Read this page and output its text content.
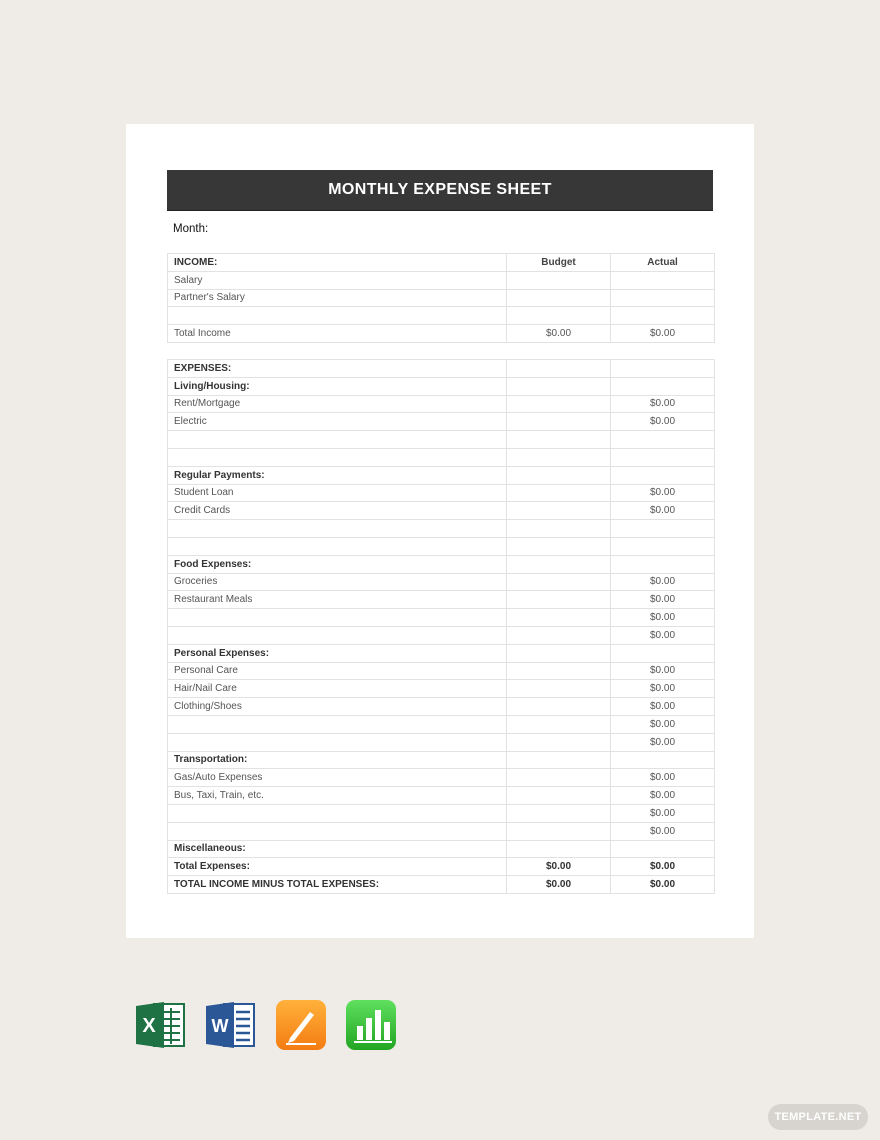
MONTHLY EXPENSE SHEET
Month:
INCOME:	Budget	Actual
Salary		
Partner's Salary		

Total Income	$0.00	$0.00
EXPENSES:		
Living/Housing:		
Rent/Mortgage		$0.00
Electric		$0.00

Regular Payments:		
Student Loan		$0.00
Credit Cards		$0.00

Food Expenses:		
Groceries		$0.00
Restaurant Meals		$0.00
		$0.00
		$0.00
Personal Expenses:		
Personal Care		$0.00
Hair/Nail Care		$0.00
Clothing/Shoes		$0.00
		$0.00
		$0.00
Transportation:		
Gas/Auto Expenses		$0.00
Bus, Taxi, Train, etc.		$0.00
		$0.00
		$0.00
Miscellaneous:		
Total Expenses:	$0.00	$0.00
TOTAL INCOME MINUS TOTAL EXPENSES:	$0.00	$0.00
X	W
TEMPLATE.NET
